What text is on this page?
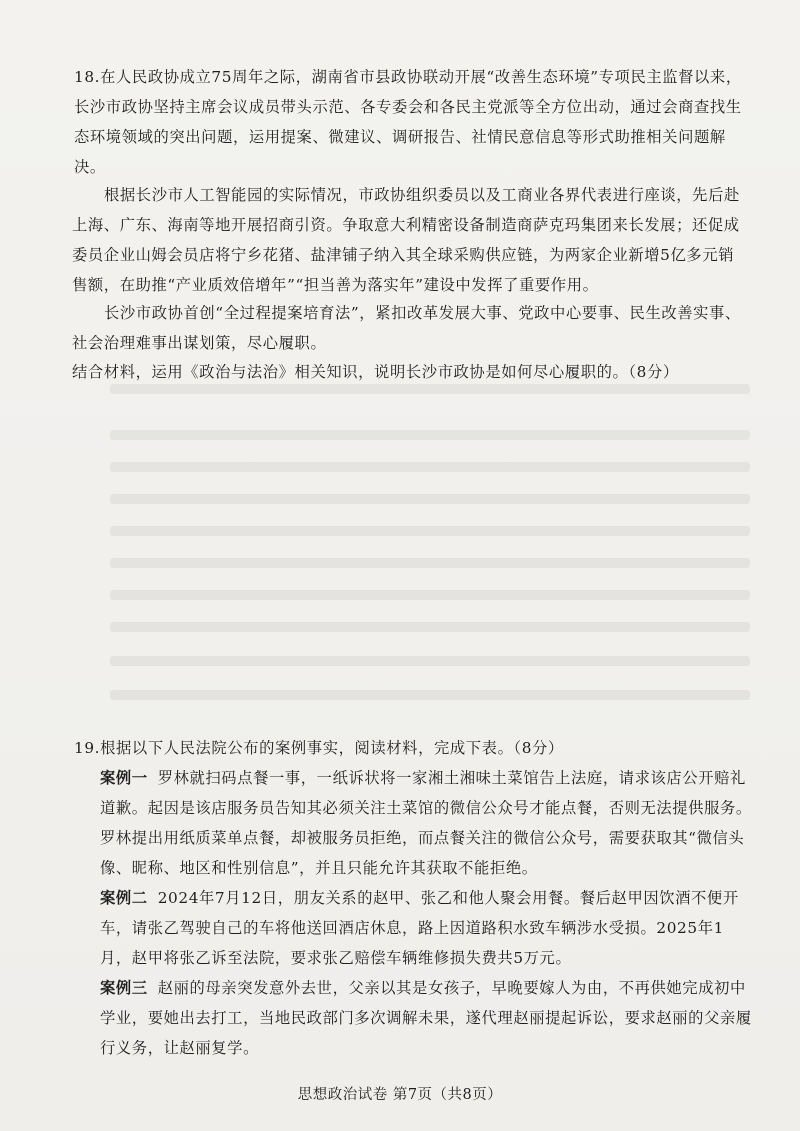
18.在人民政协成立75周年之际，湖南省市县政协联动开展“改善生态环境”专项民主监督以来，长沙市政协坚持主席会议成员带头示范、各专委会和各民主党派等全方位出动，通过会商查找生态环境领域的突出问题，运用提案、微建议、调研报告、社情民意信息等形式助推相关问题解决。

根据长沙市人工智能园的实际情况，市政协组织委员以及工商业各界代表进行座谈，先后赴上海、广东、海南等地开展招商引资。争取意大利精密设备制造商萨克玛集团来长发展；还促成委员企业山姆会员店将宁乡花猪、盐津铺子纳入其全球采购供应链，为两家企业新增5亿多元销售额，在助推“产业质效倍增年”“担当善为落实年”建设中发挥了重要作用。

长沙市政协首创“全过程提案培育法”，紧扣改革发展大事、党政中心要事、民生改善实事、社会治理难事出谋划策，尽心履职。

结合材料，运用《政治与法治》相关知识，说明长沙市政协是如何尽心履职的。（8分）

19.根据以下人民法院公布的案例事实，阅读材料，完成下表。（8分）

案例一 罗林就扫码点餐一事，一纸诉状将一家湘土湘味土菜馆告上法庭，请求该店公开赔礼道歉。起因是该店服务员告知其必须关注土菜馆的微信公众号才能点餐，否则无法提供服务。罗林提出用纸质菜单点餐，却被服务员拒绝，而点餐关注的微信公众号，需要获取其“微信头像、昵称、地区和性别信息”，并且只能允许其获取不能拒绝。

案例二 2024年7月12日，朋友关系的赵甲、张乙和他人聚会用餐。餐后赵甲因饮酒不便开车，请张乙驾驶自己的车将他送回酒店休息，路上因道路积水致车辆涉水受损。2025年1月，赵甲将张乙诉至法院，要求张乙赔偿车辆维修损失费共5万元。

案例三 赵丽的母亲突发意外去世，父亲以其是女孩子，早晚要嫁人为由，不再供她完成初中学业，要她出去打工，当地民政部门多次调解未果，遂代理赵丽提起诉讼，要求赵丽的父亲履行义务，让赵丽复学。

思想政治试卷 第7页（共8页）
